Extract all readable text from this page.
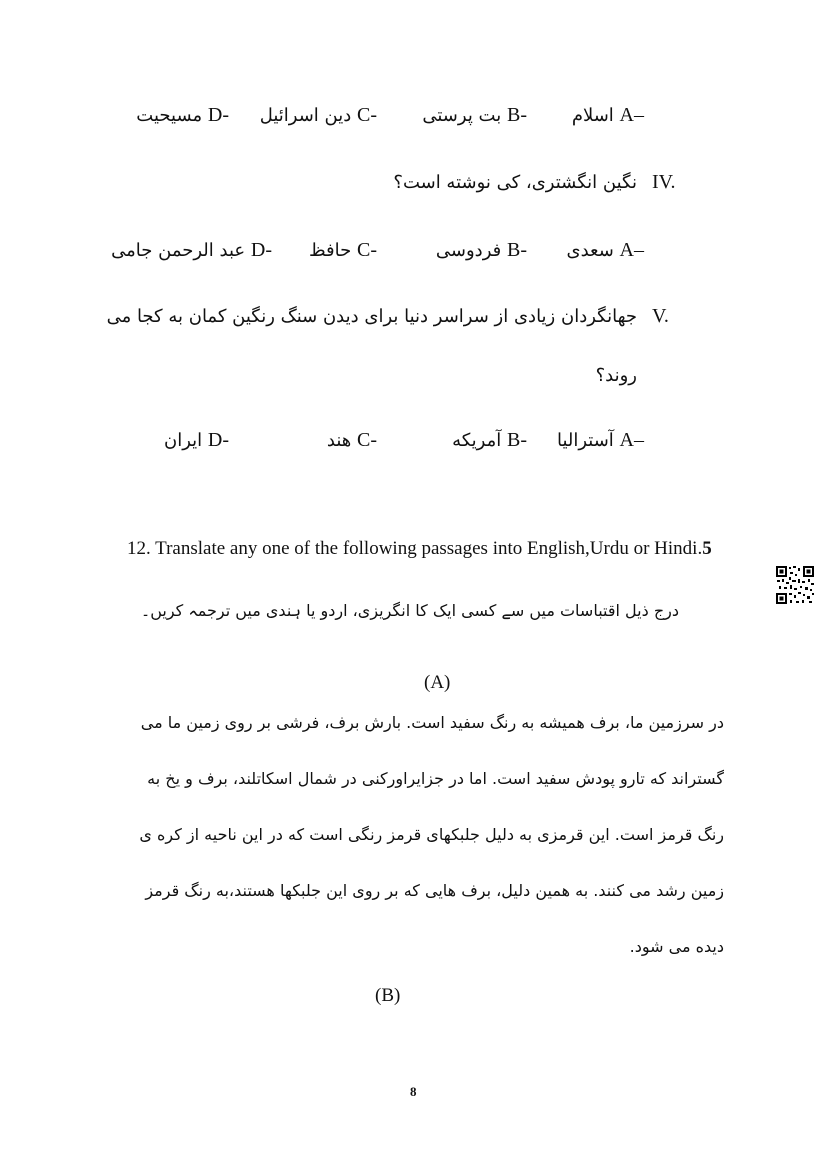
–A اسلام
-B بت پرستی
-C دین اسرائیل
-D مسیحیت
IV.
نگین انگشتری، کی نوشته است؟
–A سعدی
-B فردوسی
-C حافظ
-D عبد الرحمن جامی
V.
جهانگردان زیادی از سراسر دنیا برای دیدن سنگ رنگین کمان به کجا می
روند؟
–A آسترالیا
-B آمریکه
-C هند
-D ایران
12. Translate any one of the following passages into English,Urdu or Hindi.5
درج ذیل اقتباسات میں سے کسی ایک کا انگریزی، اردو یا ہندی میں ترجمہ کریں۔
(A)
در سرزمین ما، برف همیشه به رنگ سفید است. بارش برف، فرشی بر روی زمین ما می
گستراند که تارو پودش سفید است. اما در جزایراورکنی در شمال اسکاتلند، برف و یخ به
رنگ قرمز است. این قرمزی به دلیل جلبکهای قرمز رنگی است که در این ناحیه از کره ی
زمین رشد می کنند. به همین دلیل، برف هایی که بر روی این جلبکها هستند،به رنگ قرمز
دیده می شود.
(B)
8
